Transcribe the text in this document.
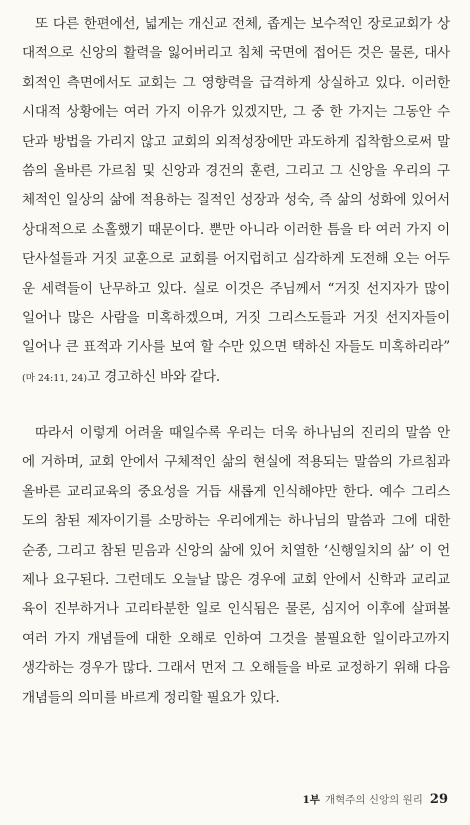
또 다른 한편에선, 넓게는 개신교 전체, 좁게는 보수적인 장로교회가 상
대적으로 신앙의 활력을 잃어버리고 침체 국면에 접어든 것은 물론, 대사
회적인 측면에서도 교회는 그 영향력을 급격하게 상실하고 있다. 이러한
시대적 상황에는 여러 가지 이유가 있겠지만, 그 중 한 가지는 그동안 수
단과 방법을 가리지 않고 교회의 외적성장에만 과도하게 집착함으로써 말
씀의 올바른 가르침 및 신앙과 경건의 훈련, 그리고 그 신앙을 우리의 구
체적인 일상의 삶에 적용하는 질적인 성장과 성숙, 즉 삶의 성화에 있어서
상대적으로 소홀했기 때문이다. 뿐만 아니라 이러한 틈을 타 여러 가지 이
단사설들과 거짓 교훈으로 교회를 어지럽히고 심각하게 도전해 오는 어두
운 세력들이 난무하고 있다. 실로 이것은 주님께서 “거짓 선지자가 많이
일어나 많은 사람을 미혹하겠으며, 거짓 그리스도들과 거짓 선지자들이
일어나 큰 표적과 기사를 보여 할 수만 있으면 택하신 자들도 미혹하리라”
(마 24:11, 24)고 경고하신 바와 같다.
따라서 이렇게 어려울 때일수록 우리는 더욱 하나님의 진리의 말씀 안
에 거하며, 교회 안에서 구체적인 삶의 현실에 적용되는 말씀의 가르침과
올바른 교리교육의 중요성을 거듭 새롭게 인식해야만 한다. 예수 그리스
도의 참된 제자이기를 소망하는 우리에게는 하나님의 말씀과 그에 대한
순종, 그리고 참된 믿음과 신앙의 삶에 있어 치열한 ‘신행일치의 삶’ 이 언
제나 요구된다. 그런데도 오늘날 많은 경우에 교회 안에서 신학과 교리교
육이 진부하거나 고리타분한 일로 인식됨은 물론, 심지어 이후에 살펴볼
여러 가지 개념들에 대한 오해로 인하여 그것을 불필요한 일이라고까지
생각하는 경우가 많다. 그래서 먼저 그 오해들을 바로 교정하기 위해 다음
개념들의 의미를 바르게 정리할 필요가 있다.
1부 개혁주의 신앙의 원리 29
